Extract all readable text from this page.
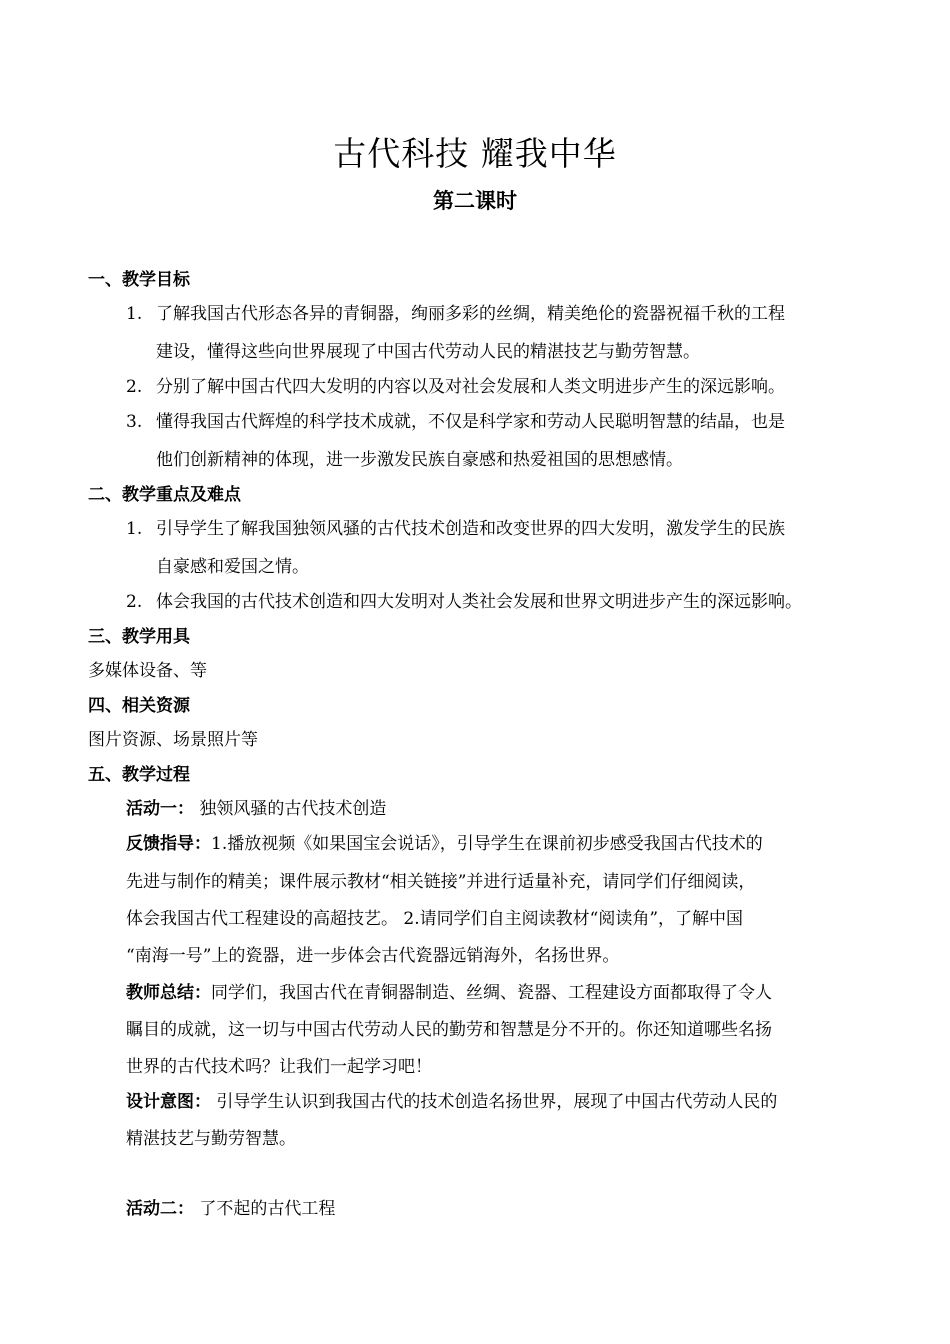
古代科技 耀我中华
第二课时
一、教学目标
1. 了解我国古代形态各异的青铜器，绚丽多彩的丝绸，精美绝伦的瓷器祝福千秋的工程
建设，懂得这些向世界展现了中国古代劳动人民的精湛技艺与勤劳智慧。
2. 分别了解中国古代四大发明的内容以及对社会发展和人类文明进步产生的深远影响。
3. 懂得我国古代辉煌的科学技术成就，不仅是科学家和劳动人民聪明智慧的结晶，也是
他们创新精神的体现，进一步激发民族自豪感和热爱祖国的思想感情。
二、教学重点及难点
1. 引导学生了解我国独领风骚的古代技术创造和改变世界的四大发明，激发学生的民族
自豪感和爱国之情。
2. 体会我国的古代技术创造和四大发明对人类社会发展和世界文明进步产生的深远影响。
三、教学用具
多媒体设备、等
四、相关资源
图片资源、场景照片等
五、教学过程
活动一： 独领风骚的古代技术创造
反馈指导：1.播放视频《如果国宝会说话》，引导学生在课前初步感受我国古代技术的
先进与制作的精美；课件展示教材“相关链接”并进行适量补充，请同学们仔细阅读，
体会我国古代工程建设的高超技艺。 2.请同学们自主阅读教材“阅读角”，了解中国
“南海一号”上的瓷器，进一步体会古代瓷器远销海外，名扬世界。
教师总结：同学们，我国古代在青铜器制造、丝绸、瓷器、工程建设方面都取得了令人
瞩目的成就，这一切与中国古代劳动人民的勤劳和智慧是分不开的。你还知道哪些名扬
世界的古代技术吗？让我们一起学习吧！
设计意图： 引导学生认识到我国古代的技术创造名扬世界，展现了中国古代劳动人民的
精湛技艺与勤劳智慧。
活动二： 了不起的古代工程
